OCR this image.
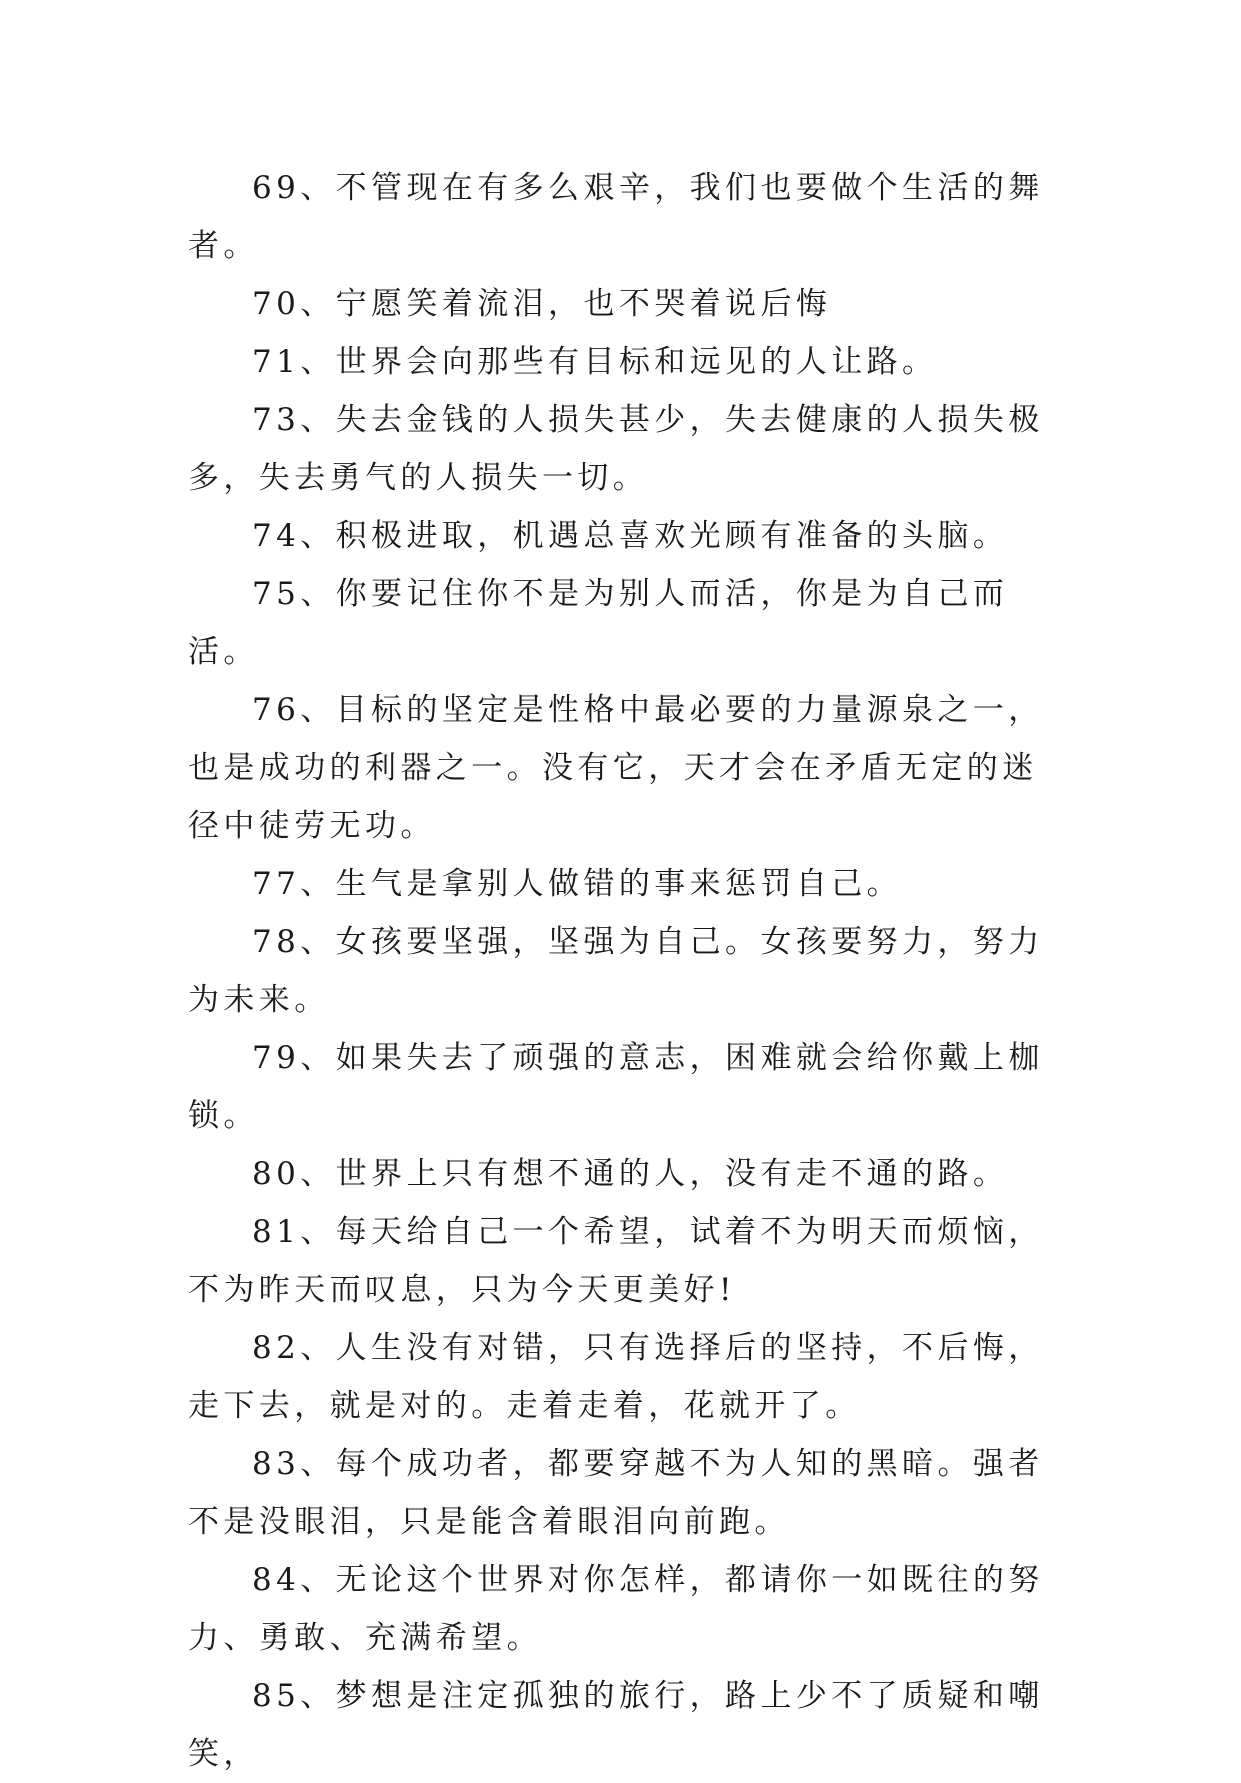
69、不管现在有多么艰辛，我们也要做个生活的舞者。

70、宁愿笑着流泪，也不哭着说后悔

71、世界会向那些有目标和远见的人让路。

73、失去金钱的人损失甚少，失去健康的人损失极多，失去勇气的人损失一切。

74、积极进取，机遇总喜欢光顾有准备的头脑。

75、你要记住你不是为别人而活，你是为自己而活。

76、目标的坚定是性格中最必要的力量源泉之一，也是成功的利器之一。没有它，天才会在矛盾无定的迷径中徒劳无功。

77、生气是拿别人做错的事来惩罚自己。

78、女孩要坚强，坚强为自己。女孩要努力，努力为未来。

79、如果失去了顽强的意志，困难就会给你戴上枷锁。

80、世界上只有想不通的人，没有走不通的路。

81、每天给自己一个希望，试着不为明天而烦恼，不为昨天而叹息，只为今天更美好!

82、人生没有对错，只有选择后的坚持，不后悔，走下去，就是对的。走着走着，花就开了。

83、每个成功者，都要穿越不为人知的黑暗。强者不是没眼泪，只是能含着眼泪向前跑。

84、无论这个世界对你怎样，都请你一如既往的努力、勇敢、充满希望。

85、梦想是注定孤独的旅行，路上少不了质疑和嘲笑，
